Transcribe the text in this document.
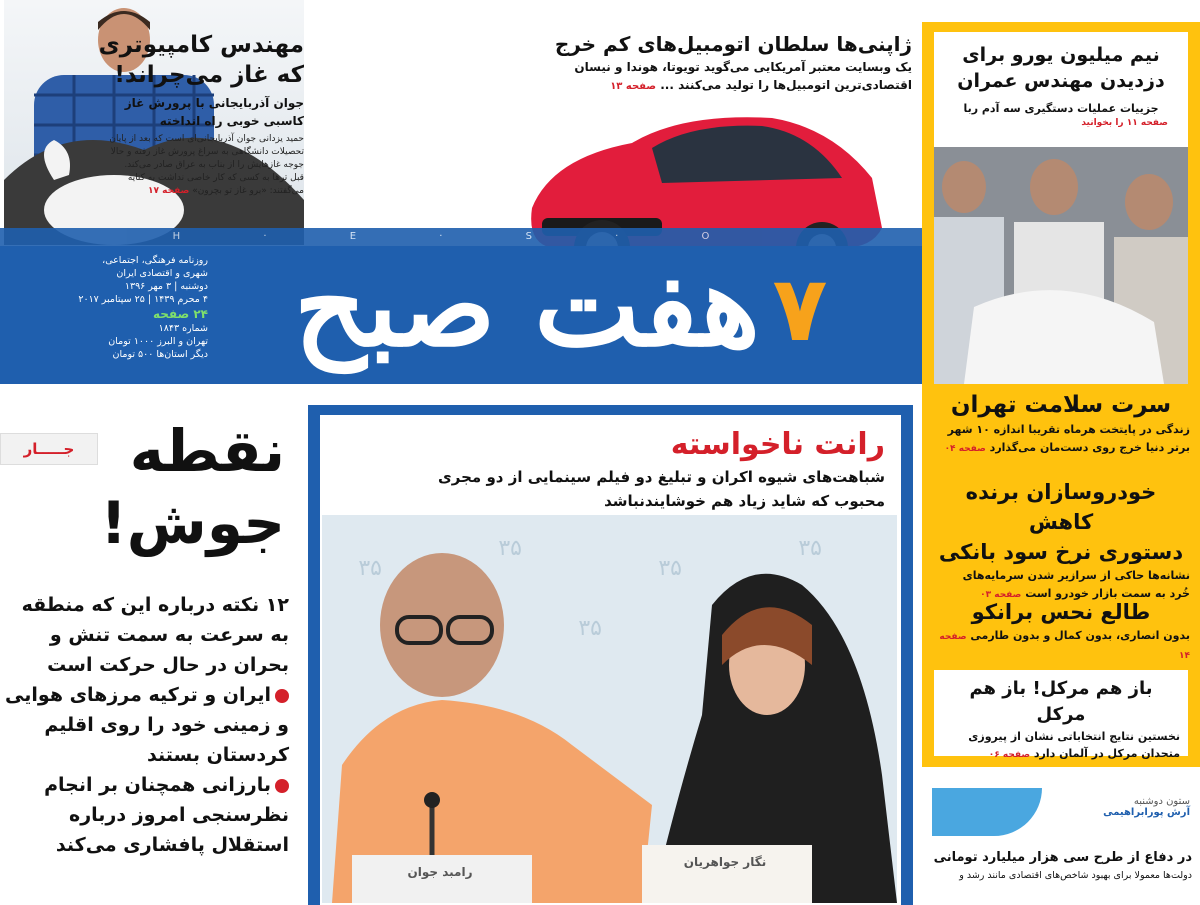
مهندس کامپیوتری
که غاز می‌چراند!
جوان آذربایجانی با پرورش غاز
کاسبی خوبی راه انداخته
حمید یزدانی جوان آذربایجانی‌ای است که بعد از پایان
تحصیلات دانشگاهی به سراغ پرورش غاز رفته و حالا
جوجه غازهایش را از بناب به عراق صادر می‌کند.
قبل ترها به کسی که کار خاصی نداشت به کنایه
می‌گفتند: «برو غاز تو بچرون» صفحه ۱۷
ژاپنی‌ها سلطان اتومبیل‌های کم خرج
یک وبسایت معتبر آمریکایی می‌گوید تویوتا، هوندا و نیسان
اقتصادی‌ترین اتومبیل‌ها را تولید می‌کنند ... صفحه ۱۳
H · E · S · O
هفت صبح ۷
روزنامه فرهنگی، اجتماعی،
شهری و اقتصادی ایران
دوشنبه | ۳ مهر ۱۳۹۶
۴ محرم ۱۴۳۹ | ۲۵ سپتامبر ۲۰۱۷
۲۴ صفحه
شماره ۱۸۴۳
تهران و البرز ۱۰۰۰ تومان
دیگر استان‌ها ۵۰۰ تومان
نیم میلیون یورو برای
دزدیدن مهندس عمران
جزییات عملیات دستگیری سه آدم ربا
صفحه ۱۱ را بخوانید
سرت سلامت تهران
زندگی در پایتخت هرماه تقریبا اندازه ۱۰ شهر
برتر دنیا خرج روی دست‌مان می‌گذارد صفحه ۰۴
خودروسازان برنده کاهش
دستوری نرخ سود بانکی
نشانه‌ها حاکی از سرازیر شدن سرمایه‌های
خُرد به سمت بازار خودرو است صفحه ۰۳
طالع نحس برانکو
بدون انصاری، بدون کمال و بدون طارمی صفحه ۱۴
باز هم مرکل! باز هم مرکل
نخستین نتایج انتخاباتی نشان از پیروزی
متحدان مرکل در آلمان دارد صفحه ۰۶
ستون دوشنبه
آرش پورابراهیمی
در دفاع از طرح سی هزار میلیارد تومانی
دولت‌ها معمولا برای بهبود شاخص‌های اقتصادی مانند رشد و
جـــــار نقطه
جوش!
۱۲ نکته درباره این که منطقه
به سرعت به سمت تنش و
بحران در حال حرکت است
ایران و ترکیه مرزهای هوایی
و زمینی خود را روی اقلیم
کردستان بستند
بارزانی همچنان بر انجام
نظرسنجی امروز درباره
استقلال پافشاری می‌کند
رانت ناخواسته
شباهت‌های شیوه اکران و تبلیغ دو فیلم سینمایی از دو مجری
محبوب که شاید زیاد هم خوشایندنباشد
۳۵
۳۵
۳۵
۳۵
۳۵
رامبد جوان
نگار جواهریان
